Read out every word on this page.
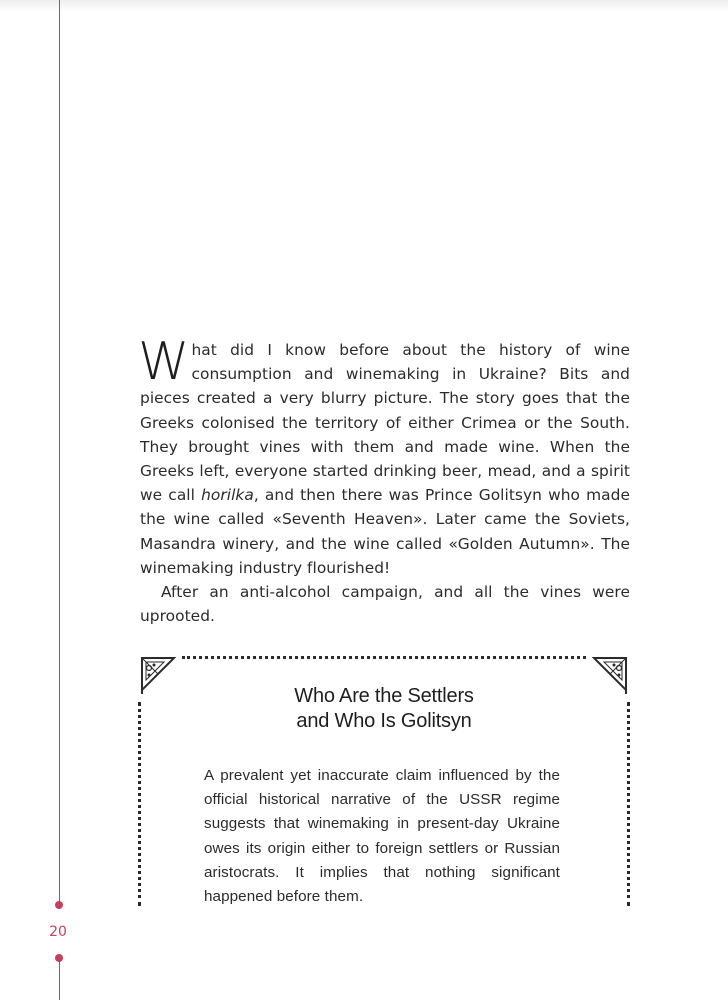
20

What did I know before about the history of wine consumption and winemaking in Ukraine? Bits and pieces created a very blurry picture. The story goes that the Greeks colonised the territory of either Crimea or the South. They brought vines with them and made wine. When the Greeks left, everyone started drinking beer, mead, and a spirit we call horilka, and then there was Prince Golitsyn who made the wine called «Seventh Heaven». Later came the Soviets, Masandra winery, and the wine called «Golden Autumn». The winemaking industry flourished!

After an anti-alcohol campaign, and all the vines were uprooted.

Who Are the Settlers
and Who Is Golitsyn
A prevalent yet inaccurate claim influenced by the official historical narrative of the USSR regime suggests that winemaking in present-day Ukraine owes its origin either to foreign settlers or Russian aristocrats. It implies that nothing significant happened before them.
